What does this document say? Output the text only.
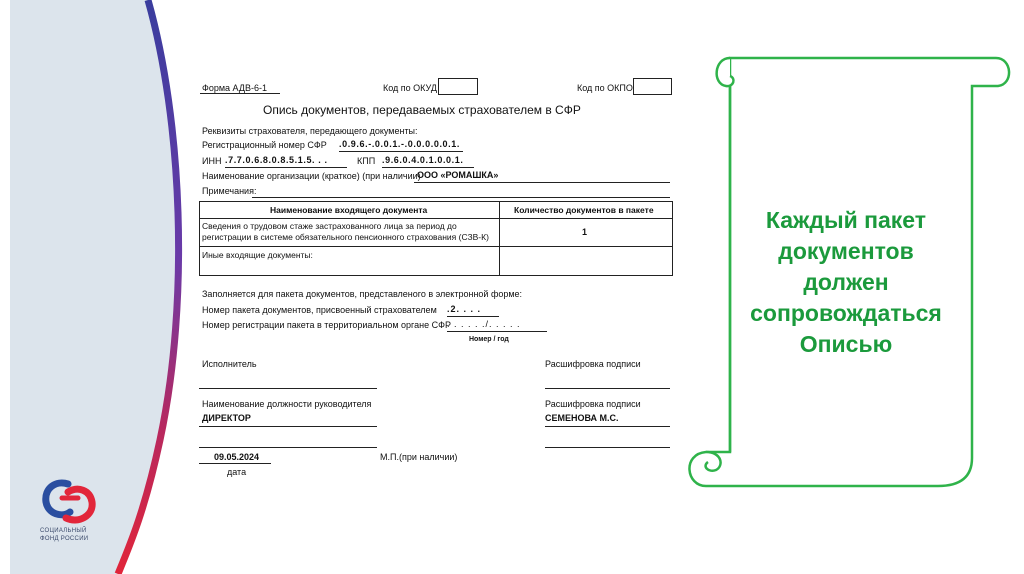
СОЦИАЛЬНЫЙ
ФОНД РОССИИ
Форма АДВ-6-1	Код по ОКУД	Код по ОКПО
Опись документов, передаваемых страхователем в СФР
Реквизиты страхователя, передающего документы:
Регистрационный номер СФР .0.9.6.-.0.0.1.-.0.0.0.0.0.1.
ИНН .7.7.0.6.8.0.8.5.1.5. . .	КПП .9.6.0.4.0.1.0.0.1.
Наименование организации (краткое) (при наличии)
ООО «РОМАШКА»
Примечания:
Наименование входящего документа	Количество документов в пакете
Сведения о трудовом стаже застрахованного лица за период до регистрации в системе обязательного пенсионного страхования (СЗВ-К)	1
Иные входящие документы:
Заполняется для пакета документов, представленого в электронной форме:
Номер пакета документов, присвоенный страхователем .2. . . .
Номер регистрации пакета в территориальном органе СФР
. . . . . ./. . . . .
Номер / год
Исполнитель	Расшифровка подписи
Наименование должности руководителя
ДИРЕКТОР
Расшифровка подписи
СЕМЕНОВА М.С.
09.05.2024
дата
М.П.(при наличии)
Каждый пакет
документов
должен
сопровождаться
Описью
